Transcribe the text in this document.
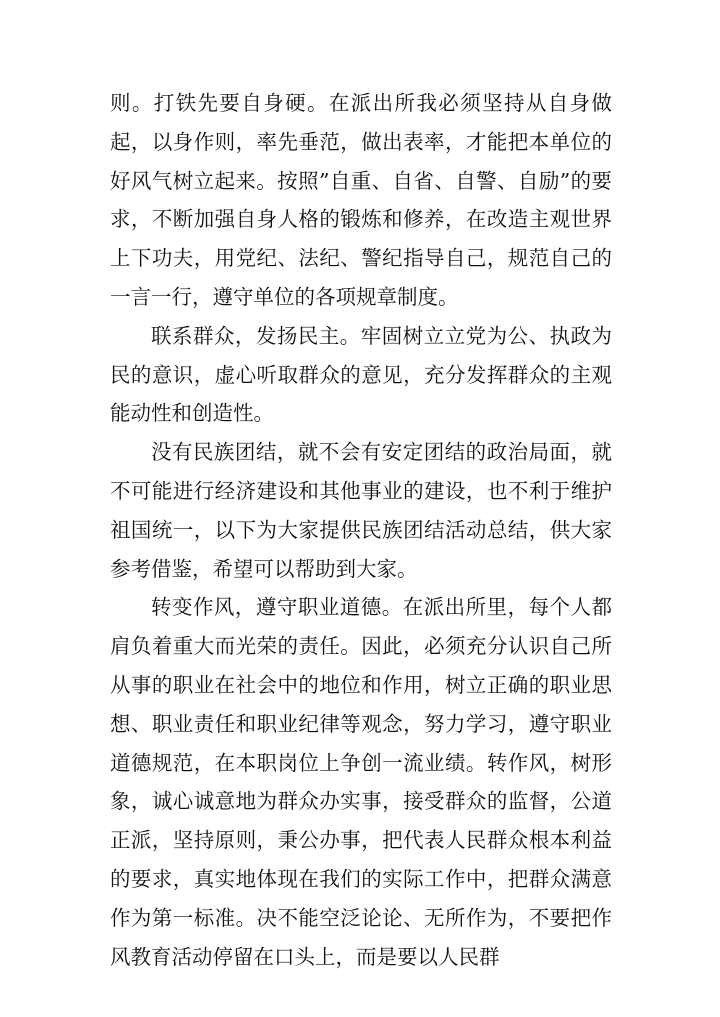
则。打铁先要自身硬。在派出所我必须坚持从自身做起，以身作则，率先垂范，做出表率，才能把本单位的好风气树立起来。按照”自重、自省、自警、自励”的要求，不断加强自身人格的锻炼和修养，在改造主观世界上下功夫，用党纪、法纪、警纪指导自己，规范自己的一言一行，遵守单位的各项规章制度。

联系群众，发扬民主。牢固树立立党为公、执政为民的意识，虚心听取群众的意见，充分发挥群众的主观能动性和创造性。

没有民族团结，就不会有安定团结的政治局面，就不可能进行经济建设和其他事业的建设，也不利于维护祖国统一，以下为大家提供民族团结活动总结，供大家参考借鉴，希望可以帮助到大家。

转变作风，遵守职业道德。在派出所里，每个人都肩负着重大而光荣的责任。因此，必须充分认识自己所从事的职业在社会中的地位和作用，树立正确的职业思想、职业责任和职业纪律等观念，努力学习，遵守职业道德规范，在本职岗位上争创一流业绩。转作风，树形象，诚心诚意地为群众办实事，接受群众的监督，公道正派，坚持原则，秉公办事，把代表人民群众根本利益的要求，真实地体现在我们的实际工作中，把群众满意作为第一标准。决不能空泛论论、无所作为，不要把作风教育活动停留在口头上，而是要以人民群
